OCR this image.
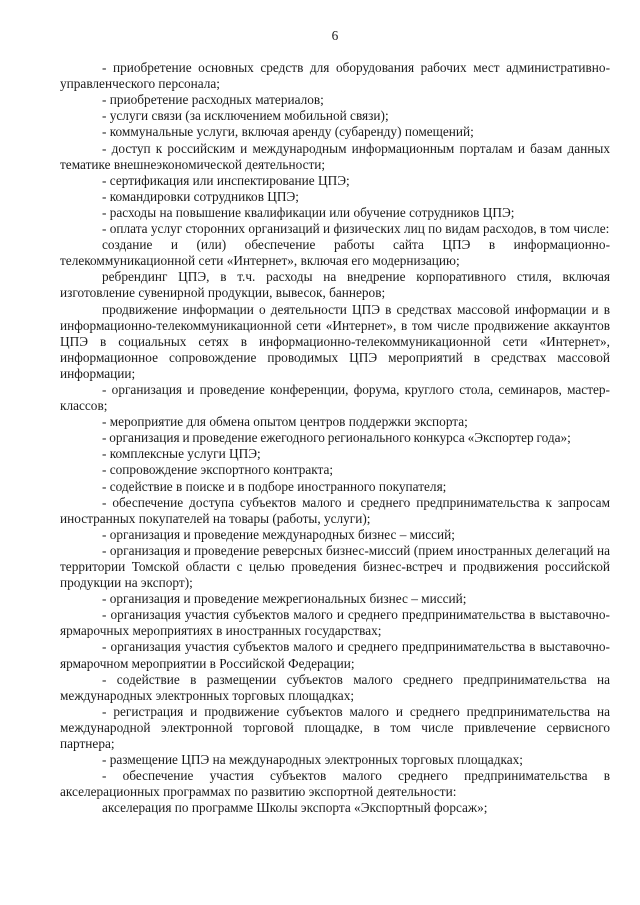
6

- приобретение основных средств для оборудования рабочих мест административно-управленческого персонала;

- приобретение расходных материалов;

- услуги связи (за исключением мобильной связи);

- коммунальные услуги, включая аренду (субаренду) помещений;

- доступ к российским и международным информационным порталам и базам данных тематике внешнеэкономической деятельности;

- сертификация или инспектирование ЦПЭ;

- командировки сотрудников ЦПЭ;

- расходы на повышение квалификации или обучение сотрудников ЦПЭ;

- оплата услуг сторонних организаций и физических лиц по видам расходов, в том числе:

создание и (или) обеспечение работы сайта ЦПЭ в информационно-телекоммуникационной сети «Интернет», включая его модернизацию;

ребрендинг ЦПЭ, в т.ч. расходы на внедрение корпоративного стиля, включая изготовление сувенирной продукции, вывесок, баннеров;

продвижение информации о деятельности ЦПЭ в средствах массовой информации и в информационно-телекоммуникационной сети «Интернет», в том числе продвижение аккаунтов ЦПЭ в социальных сетях в информационно-телекоммуникационной сети «Интернет», информационное сопровождение проводимых ЦПЭ мероприятий в средствах массовой информации;

- организация и проведение конференции, форума, круглого стола, семинаров, мастер-классов;

- мероприятие для обмена опытом центров поддержки экспорта;

- организация и проведение ежегодного регионального конкурса «Экспортер года»;

- комплексные услуги ЦПЭ;

- сопровождение экспортного контракта;

- содействие в поиске и в подборе иностранного покупателя;

- обеспечение доступа субъектов малого и среднего предпринимательства к запросам иностранных покупателей на товары (работы, услуги);

- организация и проведение международных бизнес – миссий;

- организация и проведение реверсных бизнес-миссий (прием иностранных делегаций на территории Томской области с целью проведения бизнес-встреч и продвижения российской продукции на экспорт);

- организация и проведение межрегиональных бизнес – миссий;

- организация участия субъектов малого и среднего предпринимательства в выставочно-ярмарочных мероприятиях в иностранных государствах;

- организация участия субъектов малого и среднего предпринимательства в выставочно-ярмарочном мероприятии в Российской Федерации;

- содействие в размещении субъектов малого среднего предпринимательства на международных электронных торговых площадках;

- регистрация и продвижение субъектов малого и среднего предпринимательства на международной электронной торговой площадке, в том числе привлечение сервисного партнера;

- размещение ЦПЭ на международных электронных торговых площадках;

- обеспечение участия субъектов малого среднего предпринимательства в акселерационных программах по развитию экспортной деятельности:

акселерация по программе Школы экспорта «Экспортный форсаж»;
